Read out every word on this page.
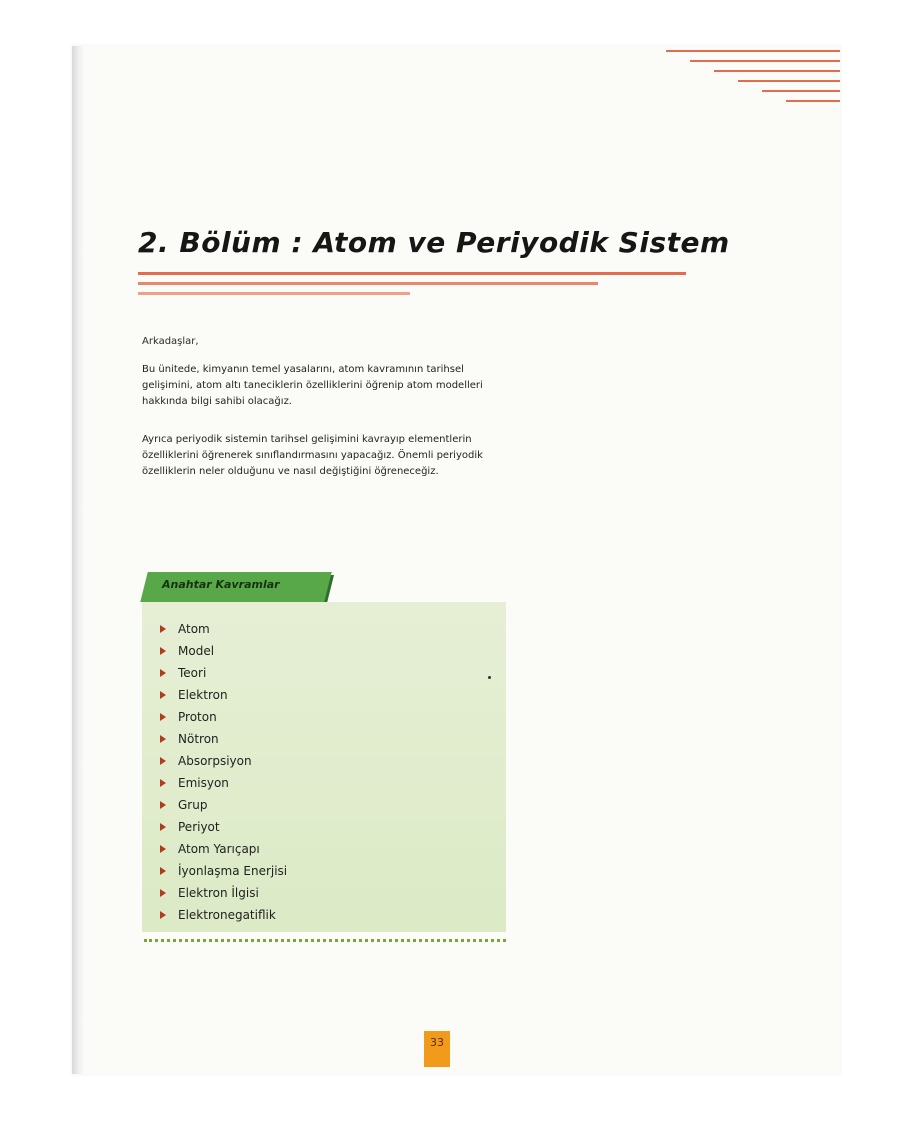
2. Bölüm : Atom ve Periyodik Sistem
Arkadaşlar,

Bu ünitede, kimyanın temel yasalarını, atom kavramının tarihsel gelişimini, atom altı taneciklerin özelliklerini öğrenip atom modelleri hakkında bilgi sahibi olacağız.

Ayrıca periyodik sistemin tarihsel gelişimini kavrayıp elementlerin özelliklerini öğrenerek sınıflandırmasını yapacağız. Önemli periyodik özelliklerin neler olduğunu ve nasıl değiştiğini öğreneceğiz.

Anahtar Kavramlar
Atom
Model
Teori
Elektron
Proton
Nötron
Absorpsiyon
Emisyon
Grup
Periyot
Atom Yarıçapı
İyonlaşma Enerjisi
Elektron İlgisi
Elektronegatiflik
33
